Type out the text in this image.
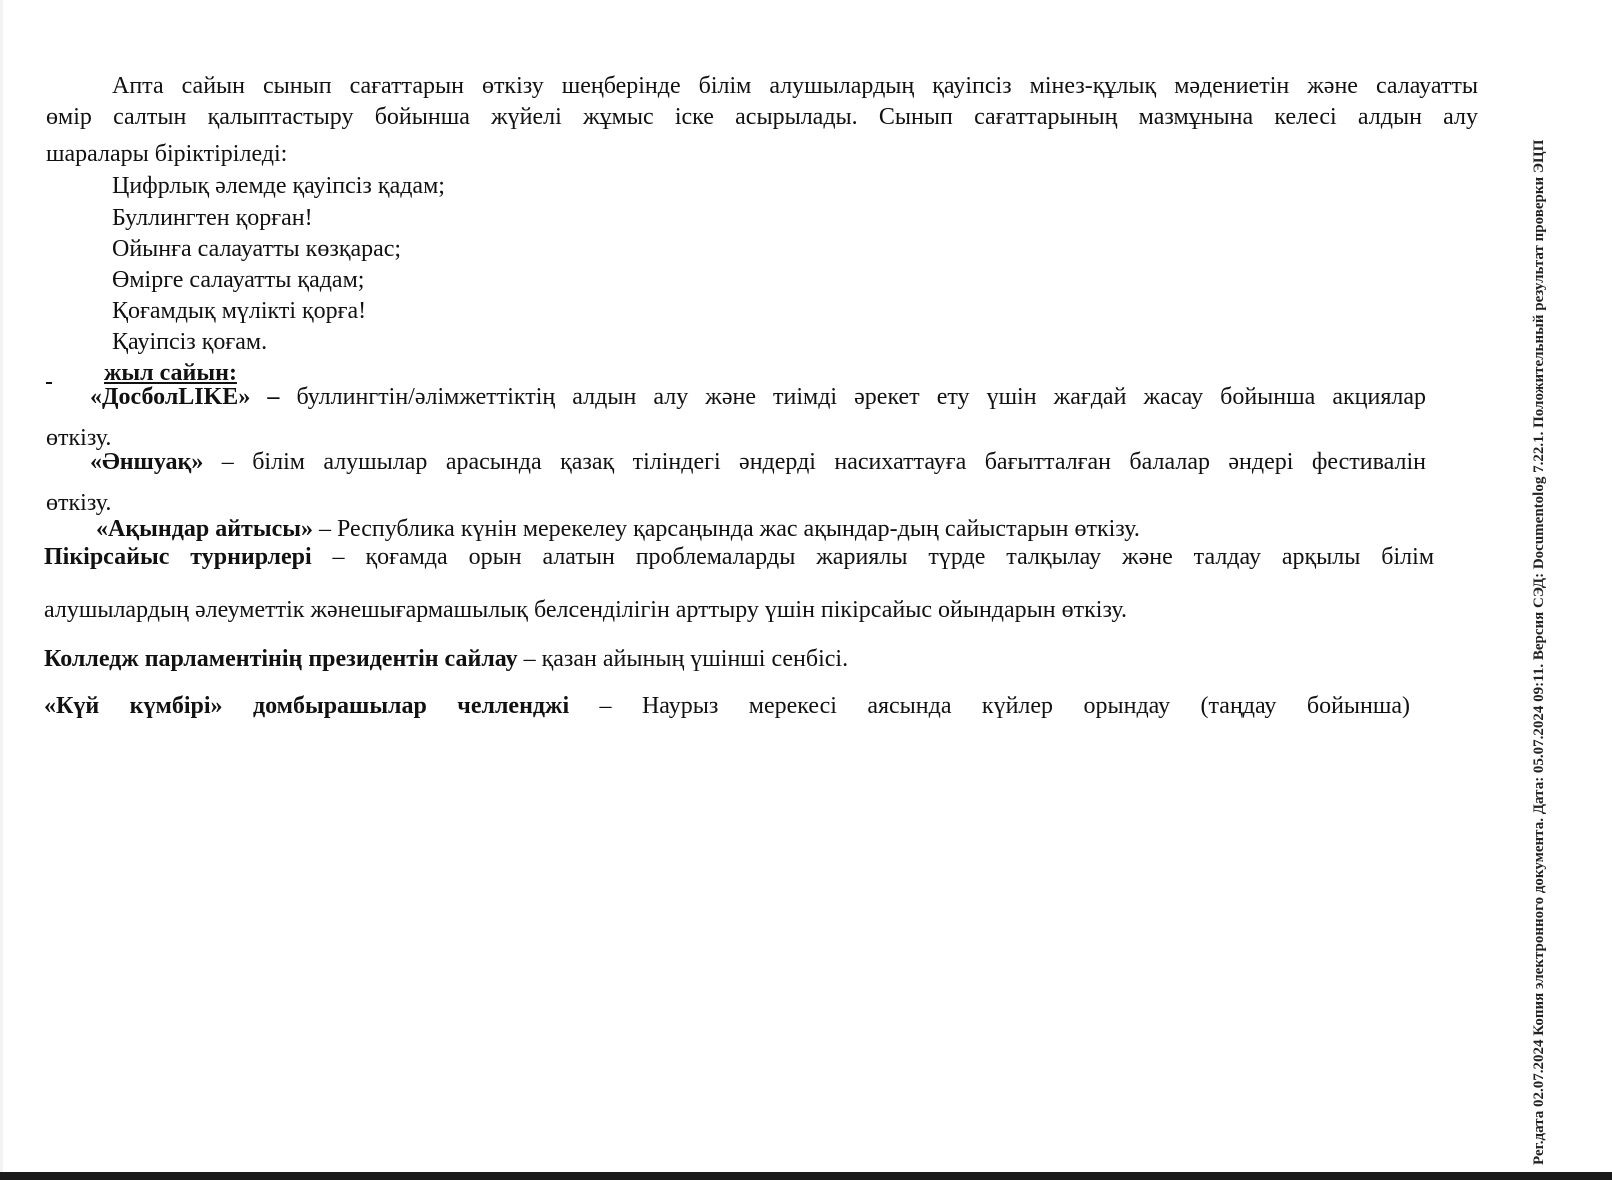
Апта сайын сынып сағаттарын өткізу шеңберінде білім алушылардың қауіпсіз мінез-құлық мәдениетін және салауатты
өмір салтын қалыптастыру бойынша жүйелі жұмыс іске асырылады. Сынып сағаттарының мазмұнына келесі алдын алу
шаралары біріктіріледі:
Цифрлық әлемде қауіпсіз қадам;
Буллингтен қорған!
Ойынға салауатты көзқарас;
Өмірге салауатты қадам;
Қоғамдық мүлікті қорға!
Қауіпсіз қоғам.
жыл сайын:
«ДосболLIKE» – буллингтін/әлімжеттіктің алдын алу және тиімді әрекет ету үшін жағдай жасау бойынша акциялар
өткізу.
«Әншуақ» – білім алушылар арасында қазақ тіліндегі әндерді насихаттауға бағытталған балалар әндері фестивалін
өткізу.
«Ақындар айтысы» – Республика күнін мерекелеу қарсаңында жас ақындар-дың сайыстарын өткізу.
Пікірсайыс турнирлері – қоғамда орын алатын проблемаларды жариялы түрде талқылау және талдау арқылы білім
алушылардың әлеуметтік жәнешығармашылық белсенділігін арттыру үшін пікірсайыс ойындарын өткізу.
Колледж парламентінің президентін сайлау – қазан айының үшінші сенбісі.
«Күй күмбірі» домбырашылар челленджі – Наурыз мерекесі аясында күйлер орындау (таңдау бойынша)	Рег.дата 02.07.2024 Копия электронного документа. Дата: 05.07.2024 09:11. Версия СЭД: Documentolog 7.22.1. Положительный результат проверки ЭЦП
